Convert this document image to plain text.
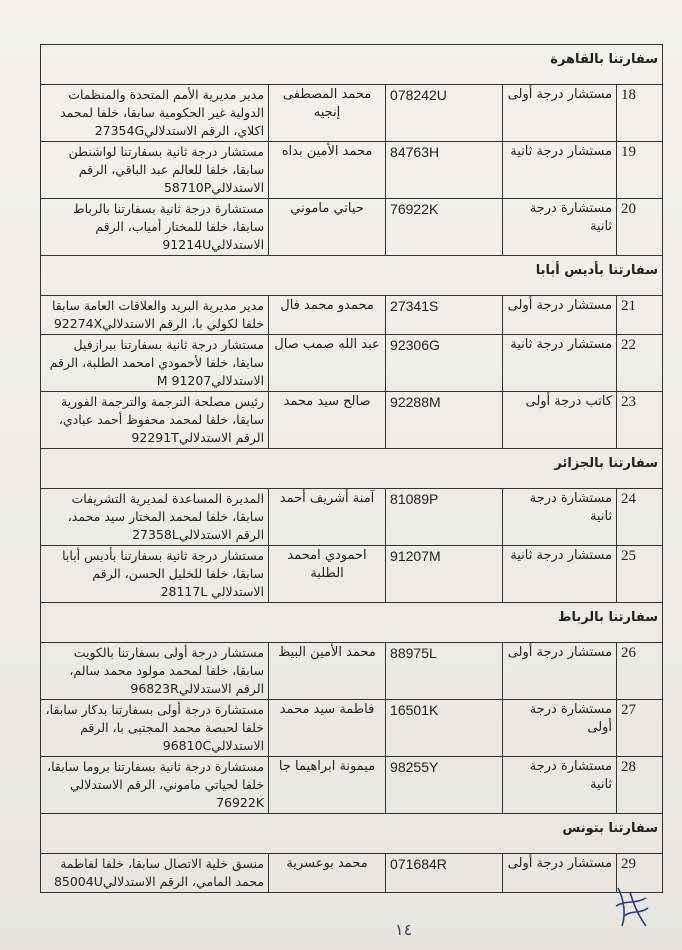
سفارتنا بالقاهرة				
18	مستشار درجة أولى	078242U	محمد المصطفى إنجيه	مدير مديرية الأمم المتحدة والمنظمات الدولية غير الحكومية سابقا، خلفا لمحمد اكلاي، الرقم الاستدلالي27354G
19	مستشار درجة ثانية	84763H	محمد الأمين بداه	مستشار درجة ثانية بسفارتنا لواشنطن سابقا، خلفا للعالم عبد الباقي، الرقم الاستدلالي58710P
20	مستشارة درجة ثانية	76922K	حياتي ماموني	مستشارة درجة ثانية بسفارتنا بالرباط سابقا، خلفا للمختار أمياب، الرقم الاستدلالي91214U
سفارتنا بأديس أبابا				
21	مستشار درجة أولى	27341S	محمدو محمد فال	مدير مديرية البريد والعلاقات العامة سابقا خلفا لكولي با، الرقم الاستدلالي92274X
22	مستشار درجة ثانية	92306G	عبد الله صمب صال	مستشار درجة ثانية بسفارتنا ببرازفيل سابقا، خلفا لأحمودي امحمد الطلبة، الرقم الاستدلالي91207 M
23	كاتب درجة أولى	92288M	صالح سيد محمد	رئيس مصلحة الترجمة والترجمة الفورية سابقا، خلفا لمحمد محفوظ أحمد عبادي، الرقم الاستدلالي92291T
سفارتنا بالجزائر				
24	مستشارة درجة ثانية	81089P	آمنة أشريف أحمد	المديرة المساعدة لمديرية التشريفات سابقا، خلفا لمحمد المختار سيد محمد، الرقم الاستدلالي27358L
25	مستشار درجة ثانية	91207M	احمودي امحمد الطلبة	مستشار درجة ثانية بسفارتنا بأديس أبابا سابقا، خلفا للخليل الحسن، الرقم الاستدلالي 28117L
سفارتنا بالرباط				
26	مستشار درجة أولى	88975L	محمد الأمين البيظ	مستشار درجة أولى بسفارتنا بالكويت سابقا، خلفا لمحمد مولود محمد سالم، الرقم الاستدلالي96823R
27	مستشارة درجة أولى	16501K	فاطمة سيد محمد	مستشارة درجة أولى بسفارتنا بدكار سابقا، خلفا لحبصة محمد المجتبى با، الرقم الاستدلالي96810C
28	مستشارة درجة ثانية	98255Y	ميمونة ابراهيما جا	مستشارة درجة ثانية بسفارتنا بروما سابقا، خلفا لحياتي ماموني، الرقم الاستدلالي 76922K
سفارتنا بتونس				
29	مستشار درجة أولى	071684R	محمد بوعسرية	منسق خلية الاتصال سابقا، خلفا لفاطمة محمد المامي، الرقم الاستدلالي85004U
١٤
